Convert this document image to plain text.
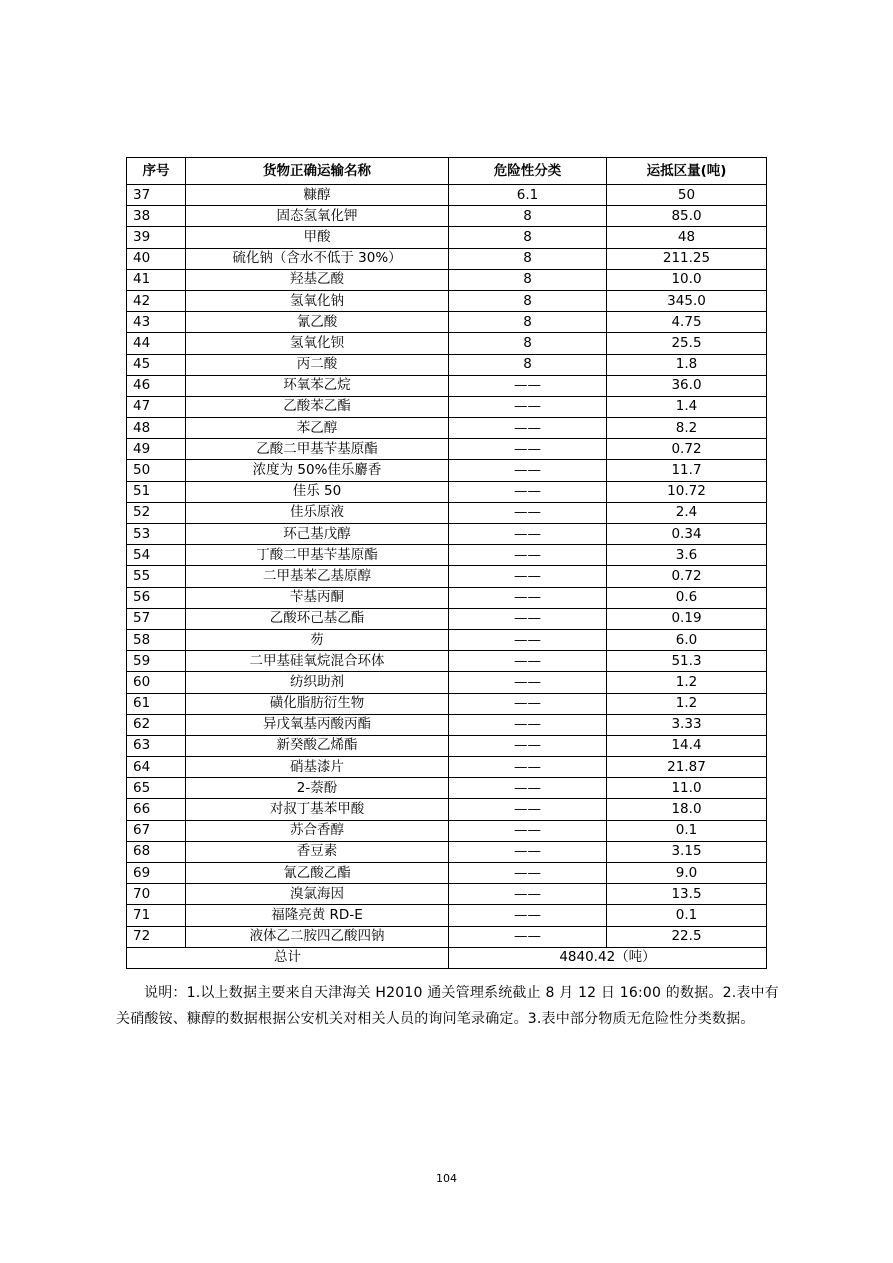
序号	货物正确运输名称	危险性分类	运抵区量(吨)
37	糠醇	6.1	50
38	固态氢氧化钾	8	85.0
39	甲酸	8	48
40	硫化钠（含水不低于 30%）	8	211.25
41	羟基乙酸	8	10.0
42	氢氧化钠	8	345.0
43	氰乙酸	8	4.75
44	氢氧化钡	8	25.5
45	丙二酸	8	1.8
46	环氧苯乙烷	——	36.0
47	乙酸苯乙酯	——	1.4
48	苯乙醇	——	8.2
49	乙酸二甲基苄基原酯	——	0.72
50	浓度为 50%佳乐麝香	——	11.7
51	佳乐 50	——	10.72
52	佳乐原液	——	2.4
53	环己基戊醇	——	0.34
54	丁酸二甲基苄基原酯	——	3.6
55	二甲基苯乙基原醇	——	0.72
56	苄基丙酮	——	0.6
57	乙酸环己基乙酯	——	0.19
58	芴	——	6.0
59	二甲基硅氧烷混合环体	——	51.3
60	纺织助剂	——	1.2
61	磺化脂肪衍生物	——	1.2
62	异戊氧基丙酸丙酯	——	3.33
63	新癸酸乙烯酯	——	14.4
64	硝基漆片	——	21.87
65	2-萘酚	——	11.0
66	对叔丁基苯甲酸	——	18.0
67	苏合香醇	——	0.1
68	香豆素	——	3.15
69	氰乙酸乙酯	——	9.0
70	溴氯海因	——	13.5
71	福隆亮黄 RD-E	——	0.1
72	液体乙二胺四乙酸四钠	——	22.5
总计		4840.42（吨）	

说明：1.以上数据主要来自天津海关 H2010 通关管理系统截止 8 月 12 日 16:00 的数据。2.表中有关硝酸铵、糠醇的数据根据公安机关对相关人员的询问笔录确定。3.表中部分物质无危险性分类数据。

104
